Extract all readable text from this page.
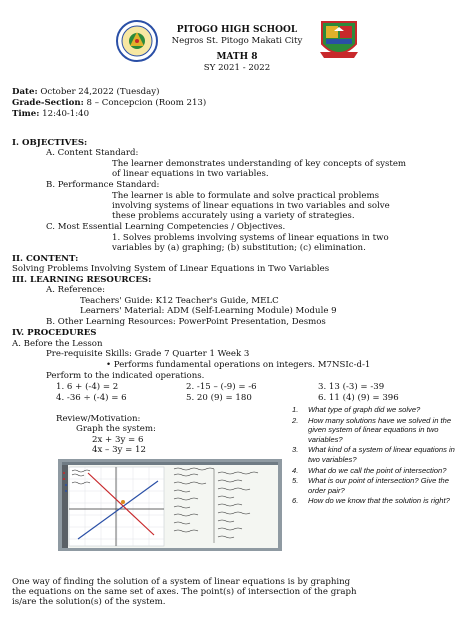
PITOGO HIGH SCHOOL
Negros St. Pitogo Makati City
MATH 8
SY 2021 - 2022
Date: October 24,2022 (Tuesday)
Grade-Section: 8 – Concepcion (Room 213)
Time: 12:40-1:40
I. OBJECTIVES:
A. Content Standard:
The learner demonstrates understanding of key concepts of system
of linear equations in two variables.
B. Performance Standard:
The learner is able to formulate and solve practical problems
involving systems of linear equations in two variables and solve
these problems accurately using a variety of strategies.
C. Most Essential Learning Competencies / Objectives.
1. Solves problems involving systems of linear equations in two
variables by (a) graphing; (b) substitution; (c) elimination.
II. CONTENT:
Solving Problems Involving System of Linear Equations in Two Variables
III. LEARNING RESOURCES:
A. Reference:
Teachers' Guide: K12 Teacher's Guide, MELC
Learners' Material: ADM (Self-Learning Module) Module 9
B. Other Learning Resources: PowerPoint Presentation, Desmos
IV. PROCEDURES
A. Before the Lesson
Pre-requisite Skills: Grade 7 Quarter 1 Week 3
• Performs fundamental operations on integers. M7NSIc-d-1
Perform to the indicated operations.
1. 6 + (-4) = 2	2. -15 – (-9) = -6	3. 13 (-3) = -39
4. -36 ÷ (-4) = 6	5. 20 (9) = 180	6. 11 (4) (9) = 396
Review/Motivation:
Graph the system:
2x + 3y = 6
4x – 3y = 12
1.	What type of graph did we solve?
2.	How many solutions have we solved in the given system of linear equations in two variables?
3.	What kind of a system of linear equations in two variables?
4.	What do we call the point of intersection?
5.	What is our point of intersection? Give the order pair?
6.	How do we know that the solution is right?
One way of finding the solution of a system of linear equations is by graphing
the equations on the same set of axes. The point(s) of intersection of the graph
is/are the solution(s) of the system.
